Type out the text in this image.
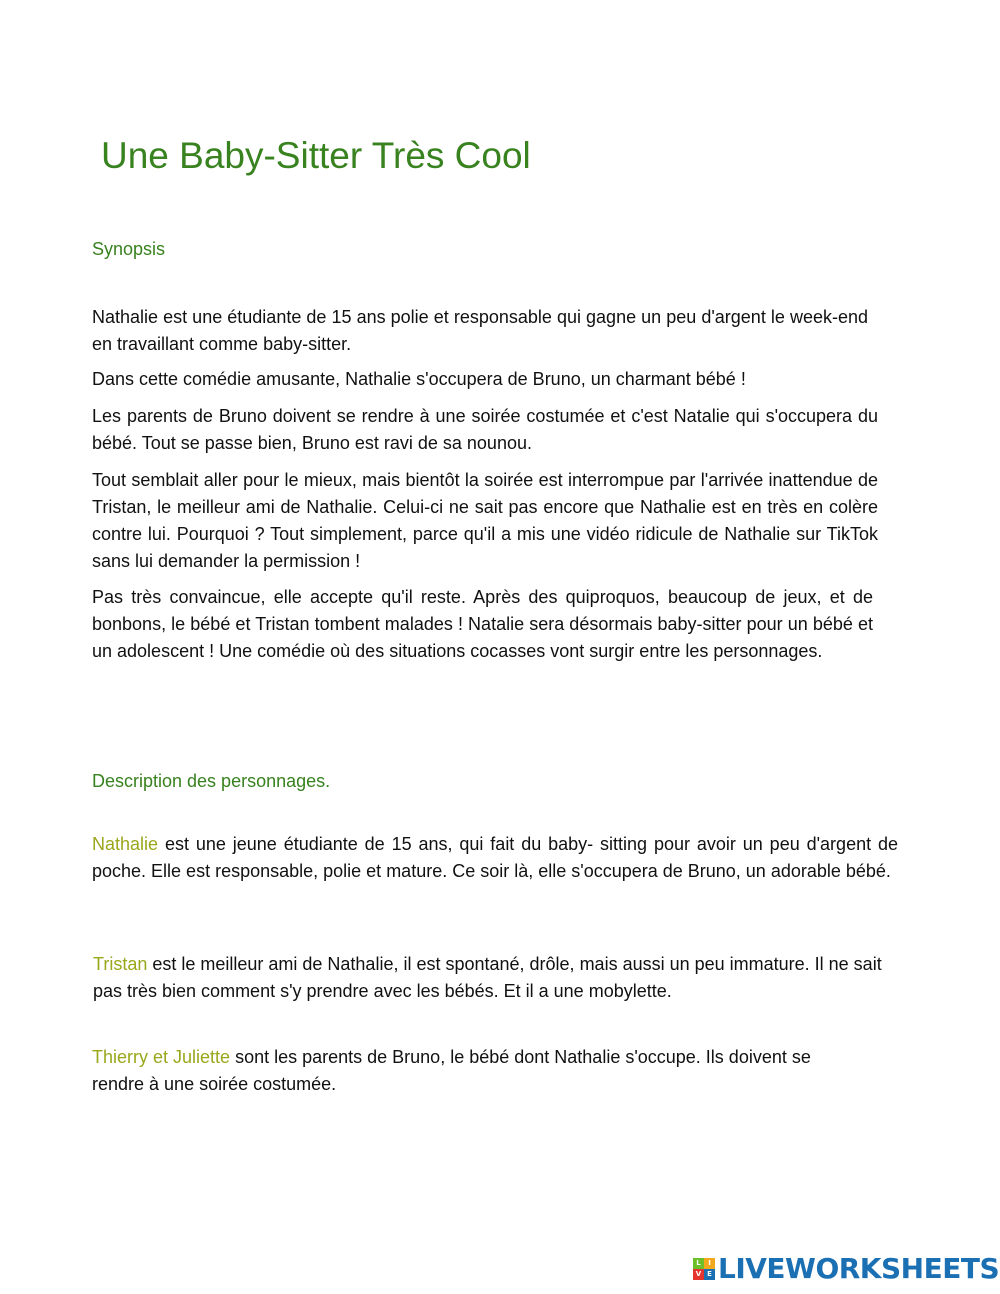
Une Baby-Sitter Très Cool
Synopsis

Nathalie est une étudiante de 15 ans polie et responsable qui gagne un peu d'argent le week-end en travaillant comme baby-sitter.

Dans cette comédie amusante, Nathalie s'occupera de Bruno, un charmant bébé !

Les parents de Bruno doivent se rendre à une soirée costumée et c'est Natalie qui s'occupera du bébé. Tout se passe bien, Bruno est ravi de sa nounou.

Tout semblait aller pour le mieux, mais bientôt la soirée est interrompue par l'arrivée inattendue de Tristan, le meilleur ami de Nathalie. Celui-ci ne sait pas encore que Nathalie est en très en colère contre lui. Pourquoi ? Tout simplement, parce qu'il a mis une vidéo ridicule de Nathalie sur TikTok sans lui demander la permission !

Pas très convaincue, elle accepte qu'il reste. Après des quiproquos, beaucoup de jeux, et de bonbons, le bébé et Tristan tombent malades ! Natalie sera désormais baby-sitter pour un bébé et un adolescent ! Une comédie où des situations cocasses vont surgir entre les personnages.

Description des personnages.

Nathalie est une jeune étudiante de 15 ans, qui fait du baby- sitting pour avoir un peu d'argent de poche. Elle est responsable, polie et mature. Ce soir là, elle s'occupera de Bruno, un adorable bébé.

Tristan est le meilleur ami de Nathalie, il est spontané, drôle, mais aussi un peu immature. Il ne sait pas très bien comment s'y prendre avec les bébés. Et il a une mobylette.

Thierry et Juliette sont les parents de Bruno, le bébé dont Nathalie s'occupe. Ils doivent se rendre à une soirée costumée.

L	I
V E LIVEWORKSHEETS
